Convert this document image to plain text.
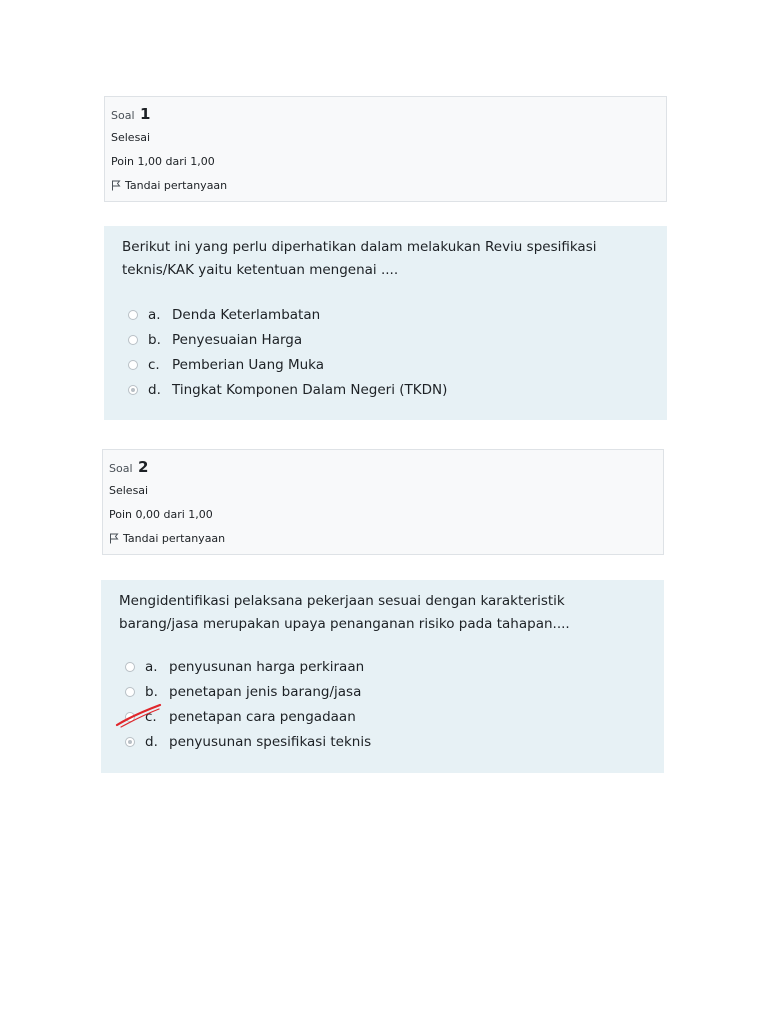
Soal 1
Selesai
Poin 1,00 dari 1,00
Tandai pertanyaan
Berikut ini yang perlu diperhatikan dalam melakukan Reviu spesifikasi teknis/KAK yaitu ketentuan mengenai ....
a. Denda Keterlambatan
b. Penyesuaian Harga
c. Pemberian Uang Muka
d. Tingkat Komponen Dalam Negeri (TKDN)
Soal 2
Selesai
Poin 0,00 dari 1,00
Tandai pertanyaan
Mengidentifikasi pelaksana pekerjaan sesuai dengan karakteristik barang/jasa merupakan upaya penanganan risiko pada tahapan....
a. penyusunan harga perkiraan
b. penetapan jenis barang/jasa
c. penetapan cara pengadaan
d. penyusunan spesifikasi teknis
